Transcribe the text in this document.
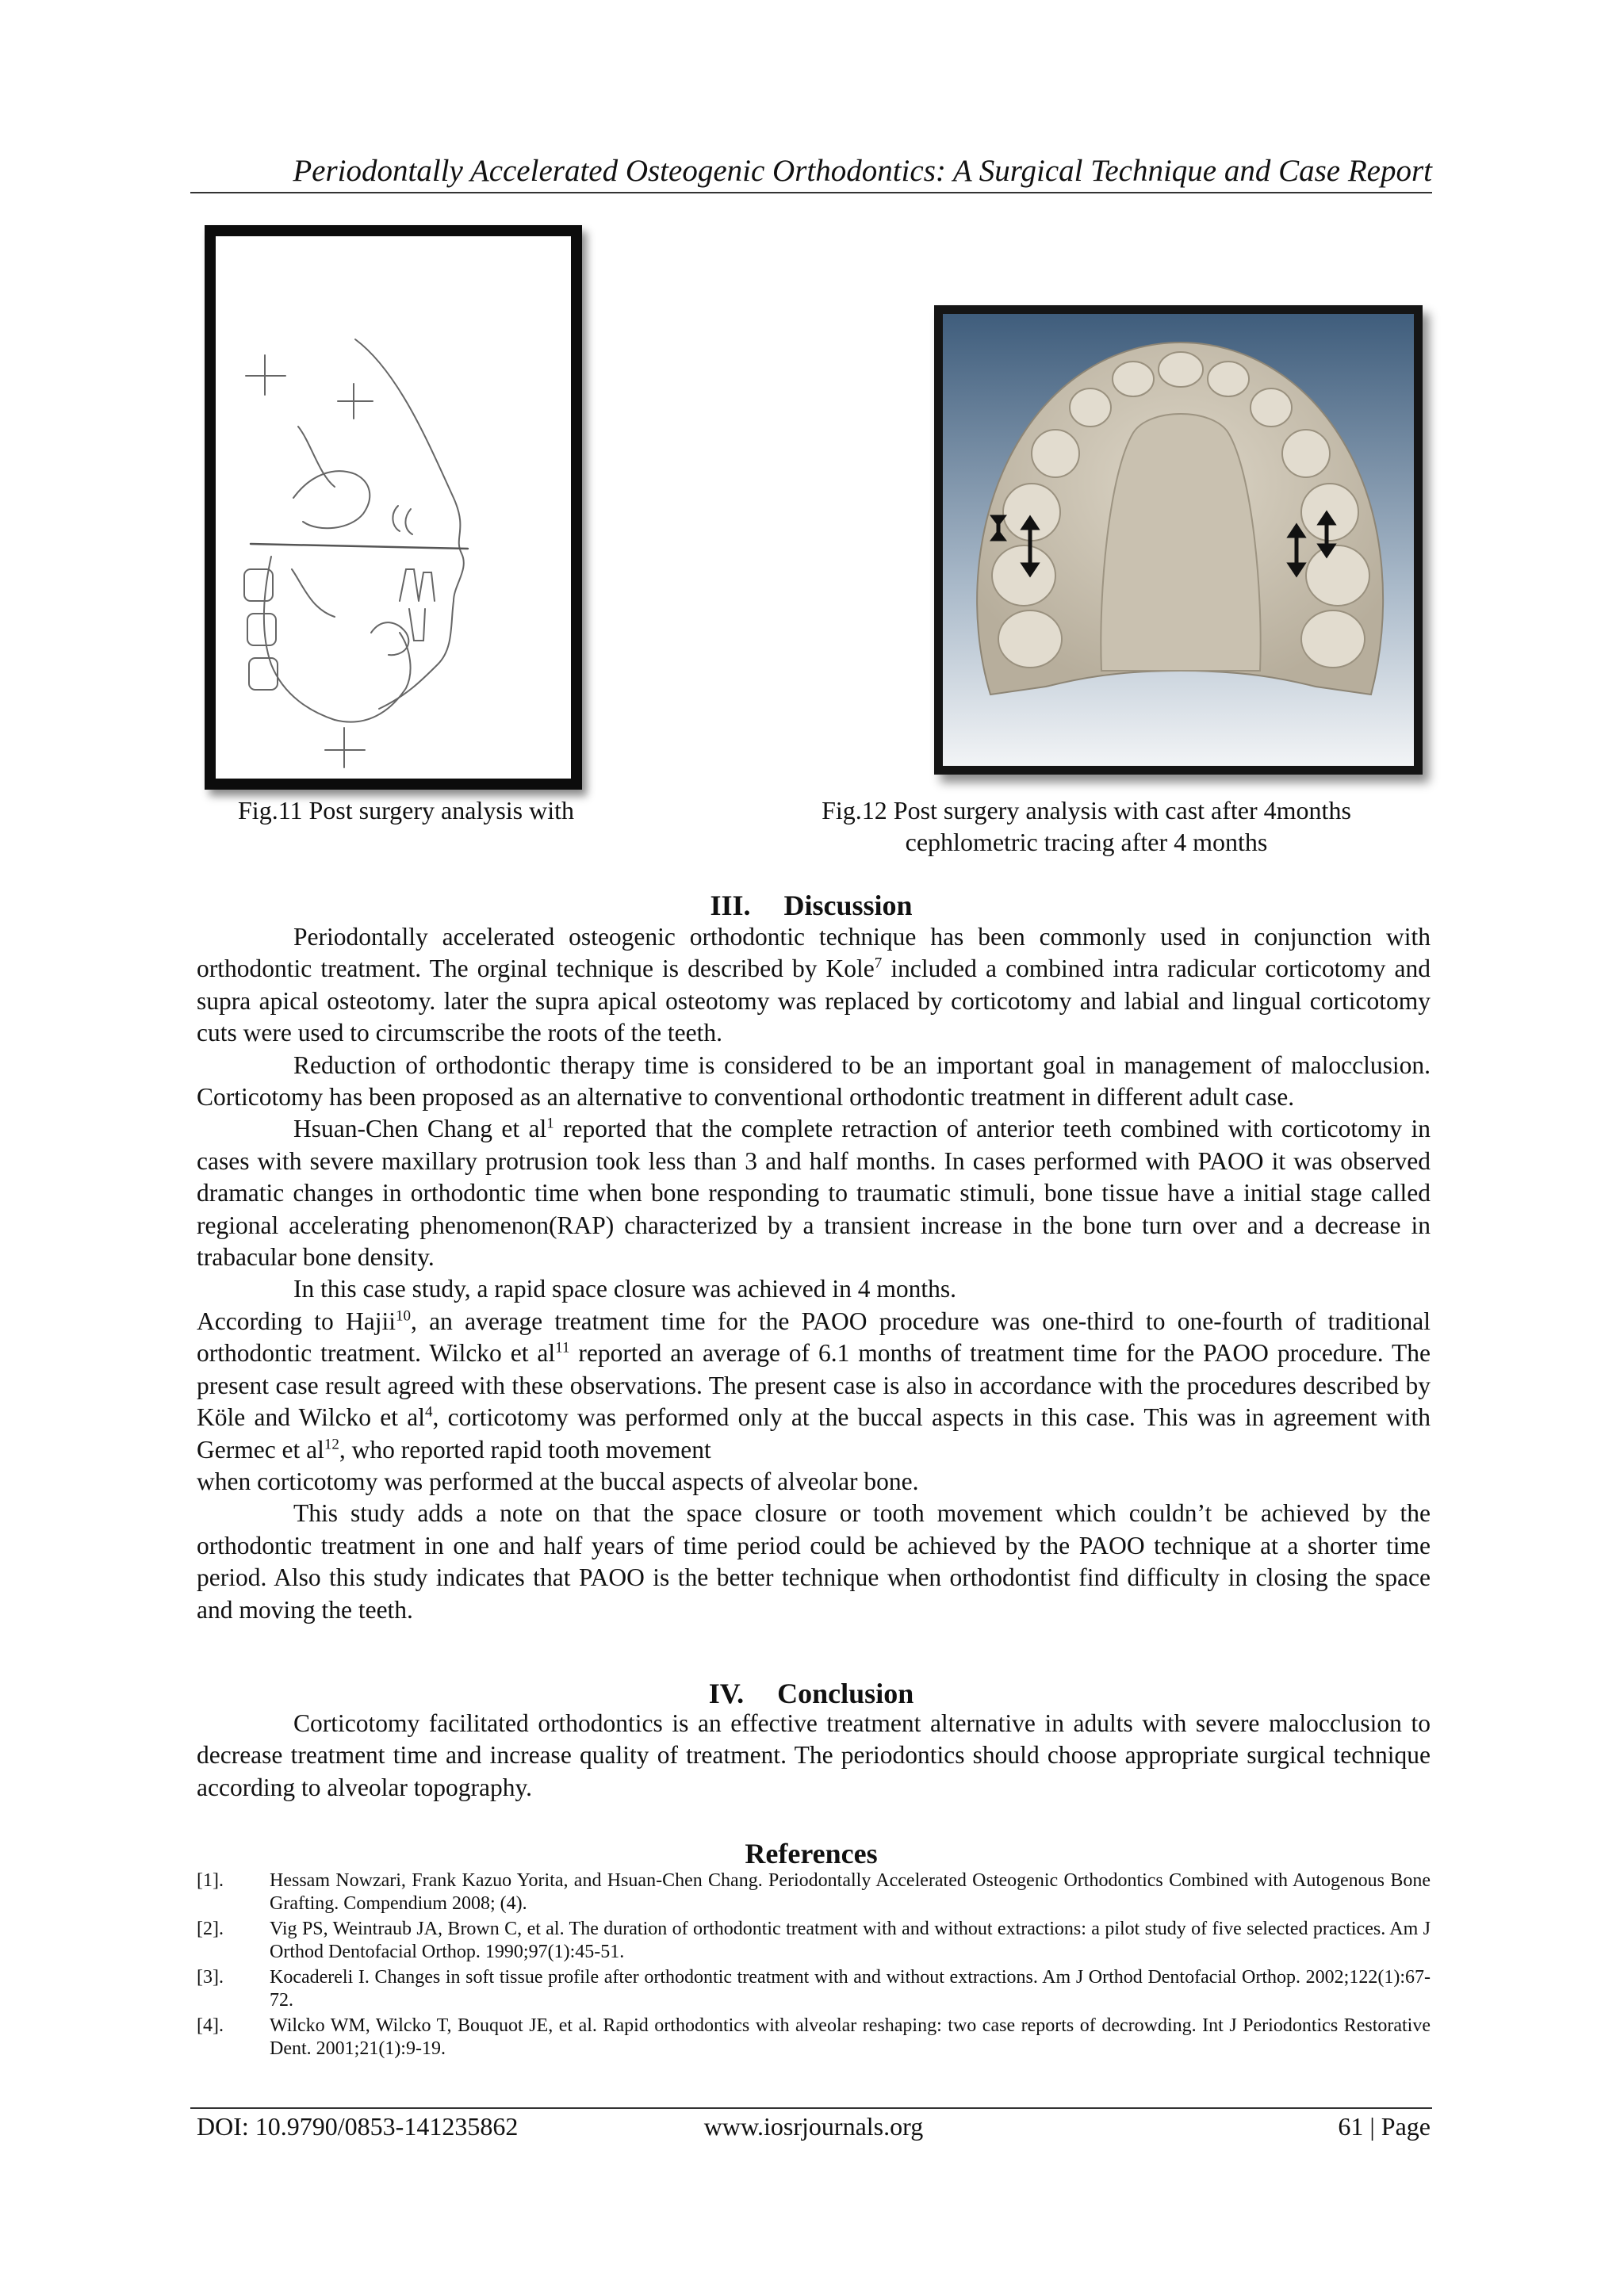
Periodontally Accelerated Osteogenic Orthodontics: A Surgical Technique and Case Report
Fig.11 Post surgery analysis with	Fig.12 Post surgery analysis with cast after 4months
cephlometric tracing after 4 months
III. Discussion

Periodontally accelerated osteogenic orthodontic technique has been commonly used in conjunction with orthodontic treatment. The orginal technique is described by Kole$^7$ included a combined intra radicular corticotomy and supra apical osteotomy. later the supra apical osteotomy was replaced by corticotomy and labial and lingual corticotomy cuts were used to circumscribe the roots of the teeth.

Reduction of orthodontic therapy time is considered to be an important goal in management of malocclusion. Corticotomy has been proposed as an alternative to conventional orthodontic treatment in different adult case.

Hsuan-Chen Chang et $al^1$ reported that the complete retraction of anterior teeth combined with corticotomy in cases with severe maxillary protrusion took less than 3 and half months. In cases performed with PAOO it was observed dramatic changes in orthodontic time when bone responding to traumatic stimuli, bone tissue have a initial stage called regional accelerating phenomenon(RAP) characterized by a transient increase in the bone turn over and a decrease in trabacular bone density.

In this case study, a rapid space closure was achieved in 4 months.

According to Hajii$^{10}$, an average treatment time for the PAOO procedure was one-third to one-fourth of traditional orthodontic treatment. Wilcko et $al^{11}$ reported an average of 6.1 months of treatment time for the PAOO procedure. The present case result agreed with these observations. The present case is also in accordance with the procedures described by Köle and Wilcko et $al^4$, corticotomy was performed only at the buccal aspects in this case. This was in agreement with Germec et $al^{12}$, who reported rapid tooth movement

when corticotomy was performed at the buccal aspects of alveolar bone.

This study adds a note on that the space closure or tooth movement which couldn’t be achieved by the orthodontic treatment in one and half years of time period could be achieved by the PAOO technique at a shorter time period. Also this study indicates that PAOO is the better technique when orthodontist find difficulty in closing the space and moving the teeth.

IV. Conclusion

Corticotomy facilitated orthodontics is an effective treatment alternative in adults with severe malocclusion to decrease treatment time and increase quality of treatment. The periodontics should choose appropriate surgical technique according to alveolar topography.

References
[1].	Hessam Nowzari, Frank Kazuo Yorita, and Hsuan-Chen Chang. Periodontally Accelerated Osteogenic Orthodontics Combined with Autogenous Bone Grafting. Compendium 2008; (4).
[2].	Vig PS, Weintraub JA, Brown C, et al. The duration of orthodontic treatment with and without extractions: a pilot study of five selected practices. Am J Orthod Dentofacial Orthop. 1990;97(1):45-51.
[3].	Kocadereli I. Changes in soft tissue profile after orthodontic treatment with and without extractions. Am J Orthod Dentofacial Orthop. 2002;122(1):67-72.
[4].	Wilcko WM, Wilcko T, Bouquot JE, et al. Rapid orthodontics with alveolar reshaping: two case reports of decrowding. Int J Periodontics Restorative Dent. 2001;21(1):9-19.
DOI: 10.9790/0853-141235862	www.iosrjournals.org	61 | Page
